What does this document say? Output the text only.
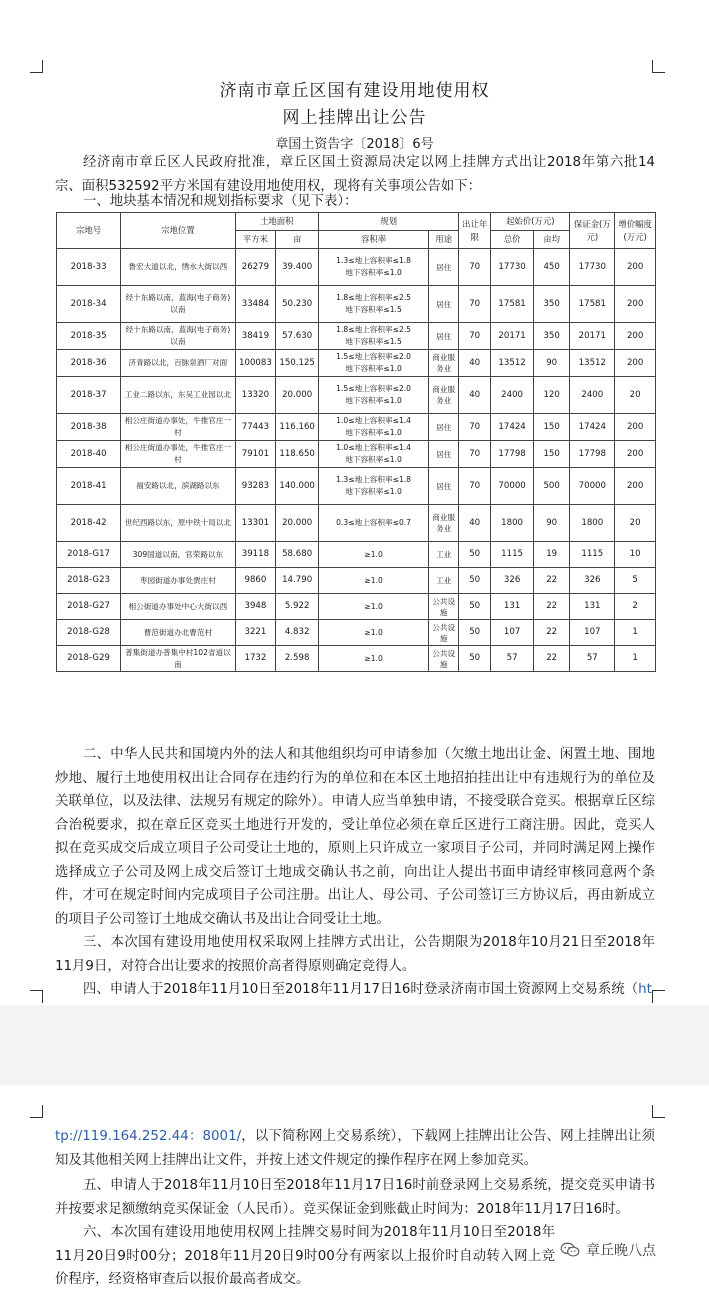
济南市章丘区国有建设用地使用权
网上挂牌出让公告
章国土资告字〔2018〕6号

经济南市章丘区人民政府批准，章丘区国土资源局决定以网上挂牌方式出让2018年第六批14宗、面积532592平方米国有建设用地使用权，现将有关事项公告如下：

一、地块基本情况和规划指标要求（见下表）：

宗地号	宗地位置	土地面积		规划		出让年限	起始价(万元)		保证金(万元)	增价幅度(万元)
		平方米	亩	容积率	用途		总价	亩均		
2018-33	鲁宏大道以北，绣水大街以西	26279	39.400	1.3≤地上容积率≤1.8
地下容积率≤1.0	居住	70	17730	450	17730	200
2018-34	经十东路以南，蓝海(电子商务)以南	33484	50.230	1.8≤地上容积率≤2.5
地下容积率≤1.5	居住	70	17581	350	17581	200
2018-35	经十东路以南，蓝海(电子商务)以南	38419	57.630	1.8≤地上容积率≤2.5
地下容积率≤1.5	居住	70	20171	350	20171	200
2018-36	济青路以北，百脉泉酒厂对面	100083	150.125	1.5≤地上容积率≤2.0
地下容积率≤1.0	商业服务业	40	13512	90	13512	200
2018-37	工业二路以东，东吴工业园以北	13320	20.000	1.5≤地上容积率≤2.0
地下容积率≤1.0	商业服务业	40	2400	120	2400	20
2018-38	相公庄街道办事处，牛推官庄一村	77443	116.160	1.0≤地上容积率≤1.4
地下容积率≤1.0	居住	70	17424	150	17424	200
2018-40	相公庄街道办事处，牛推官庄一村	79101	118.650	1.0≤地上容积率≤1.4
地下容积率≤1.0	居住	70	17798	150	17798	200
2018-41	福安路以北，滨湖路以东	93283	140.000	1.3≤地上容积率≤1.8
地下容积率≤1.0	居住	70	70000	500	70000	200
2018-42	世纪西路以东，原中铁十局以北	13301	20.000	0.3≤地上容积率≤0.7	商业服务业	40	1800	90	1800	20
2018-G17	309国道以南，官荣路以东	39118	58.680	≥1.0	工业	50	1115	19	1115	10
2018-G23	枣园街道办事处贾庄村	9860	14.790	≥1.0	工业	50	326	22	326	5
2018-G27	相公街道办事处中心大街以西	3948	5.922	≥1.0	公共设施	50	131	22	131	2
2018-G28	曹范街道办北曹范村	3221	4.832	≥1.0	公共设施	50	107	22	107	1
2018-G29	普集街道办普集中村102省道以南	1732	2.598	≥1.0	公共设施	50	57	22	57	1

二、中华人民共和国境内外的法人和其他组织均可申请参加（欠缴土地出让金、闲置土地、围地炒地、履行土地使用权出让合同存在违约行为的单位和在本区土地招拍挂出让中有违规行为的单位及关联单位，以及法律、法规另有规定的除外）。申请人应当单独申请，不接受联合竞买。根据章丘区综合治税要求，拟在章丘区竞买土地进行开发的，受让单位必须在章丘区进行工商注册。因此，竞买人拟在竞买成交后成立项目子公司受让土地的，原则上只许成立一家项目子公司，并同时满足网上操作选择成立子公司及网上成交后签订土地成交确认书之前，向出让人提出书面申请经审核同意两个条件，才可在规定时间内完成项目子公司注册。出让人、母公司、子公司签订三方协议后，再由新成立的项目子公司签订土地成交确认书及出让合同受让土地。

三、本次国有建设用地使用权采取网上挂牌方式出让，公告期限为2018年10月21日至2018年11月9日，对符合出让要求的按照价高者得原则确定竞得人。

四、申请人于2018年11月10日至2018年11月17日16时登录济南市国土资源网上交易系统（ht

tp://119.164.252.44：8001/，以下简称网上交易系统），下载网上挂牌出让公告、网上挂牌出让须知及其他相关网上挂牌出让文件，并按上述文件规定的操作程序在网上参加竞买。

五、申请人于2018年11月10日至2018年11月17日16时前登录网上交易系统，提交竞买申请书并按要求足额缴纳竞买保证金（人民币）。竞买保证金到账截止时间为：2018年11月17日16时。

六、本次国有建设用地使用权网上挂牌交易时间为2018年11月10日至2018年11月20日9时00分；2018年11月20日9时00分有两家以上报价时自动转入网上竞价程序，经资格审查后以报价最高者成交。

章丘晚八点
